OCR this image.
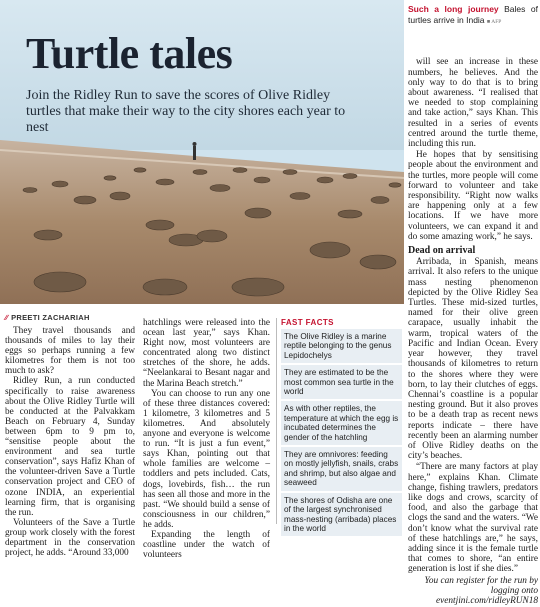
Turtle tales
Join the Ridley Run to save the scores of Olive Ridley turtles that make their way to the city shores each year to nest
Such a long journey Bales of turtles arrive in India ■ AFP

will see an increase in these numbers, he believes. And the only way to do that is to bring about awareness. “I realised that we needed to stop complaining and take action,” says Khan. This resulted in a series of events centred around the turtle theme, including this run.

He hopes that by sensitising people about the environment and the turtles, more people will come forward to volunteer and take responsibility. “Right now walks are happening only at a few locations. If we have more volunteers, we can expand it and do some amazing work,” he says.

Dead on arrival

Arribada, in Spanish, means arrival. It also refers to the unique mass nesting phenomenon depicted by the Olive Ridley Sea Turtles. These mid-sized turtles, named for their olive green carapace, usually inhabit the warm, tropical waters of the Pacific and Indian Ocean. Every year however, they travel thousands of kilometres to return to the shores where they were born, to lay their clutches of eggs. Chennai’s coastline is a popular nesting ground. But it also proves to be a death trap as recent news reports indicate – there have recently been an alarming number of Olive Ridley deaths on the city’s beaches.

“There are many factors at play here,” explains Khan. Climate change, fishing trawlers, predators like dogs and crows, scarcity of food, and also the garbage that clogs the sand and the waters. “We don’t know what the survival rate of these hatchlings are,” he says, adding since it is the female turtle that comes to shore, “an entire generation is lost if she dies.”

You can register for the run by logging onto eventjini.com/ridleyRUN18

∕∕ PREETI ZACHARIAH

They travel thousands and thousands of miles to lay their eggs so perhaps running a few kilometres for them is not too much to ask?

Ridley Run, a run conducted specifically to raise awareness about the Olive Ridley Turtle will be conducted at the Palvakkam Beach on February 4, Sunday between 6pm to 9 pm to, “sensitise people about the environment and sea turtle conservation”, says Hafiz Khan of the volunteer-driven Save a Turtle conservation project and CEO of ozone INDIA, an experiential learning firm, that is organising the run.

Volunteers of the Save a Turtle group work closely with the forest department in the conservation project, he adds. “Around 33,000

hatchlings were released into the ocean last year,” says Khan. Right now, most volunteers are concentrated along two distinct stretches of the shore, he adds. “Neelankarai to Besant nagar and the Marina Beach stretch.”

You can choose to run any one of these three distances covered: 1 kilometre, 3 kilometres and 5 kilometres. And absolutely anyone and everyone is welcome to run. “It is just a fun event,” says Khan, pointing out that whole families are welcome – toddlers and pets included. Cats, dogs, lovebirds, fish… the run has seen all those and more in the past. “We should build a sense of consciousness in our children,” he adds.

Expanding the length of coastline under the watch of volunteers

FAST FACTS
The Olive Ridley is a marine reptile belonging to the genus Lepidochelys
They are estimated to be the most common sea turtle in the world
As with other reptiles, the temperature at which the egg is incubated determines the gender of the hatchling
They are omnivores: feeding on mostly jellyfish, snails, crabs and shrimp, but also algae and seaweed
The shores of Odisha are one of the largest synchronised mass-nesting (arribada) places in the world
